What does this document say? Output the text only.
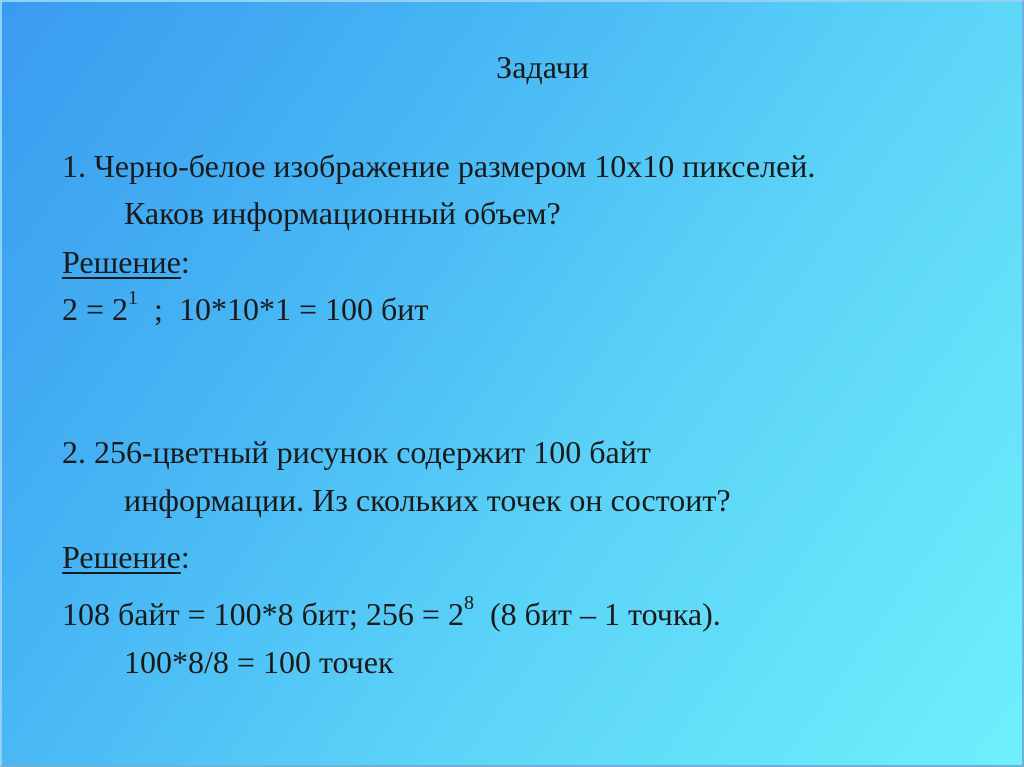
Задачи
1. Черно-белое изображение размером 10х10 пикселей.
Каков информационный объем?
Решение:
$2 = 2^1$  ;  10*10*1 = 100 бит
2. 256-цветный рисунок содержит 100 байт
информации. Из скольких точек он состоит?
Решение:
108 байт = 100*8 бит; $256 = 2^8$  (8 бит – 1 точка).
100*8/8 = 100 точек
